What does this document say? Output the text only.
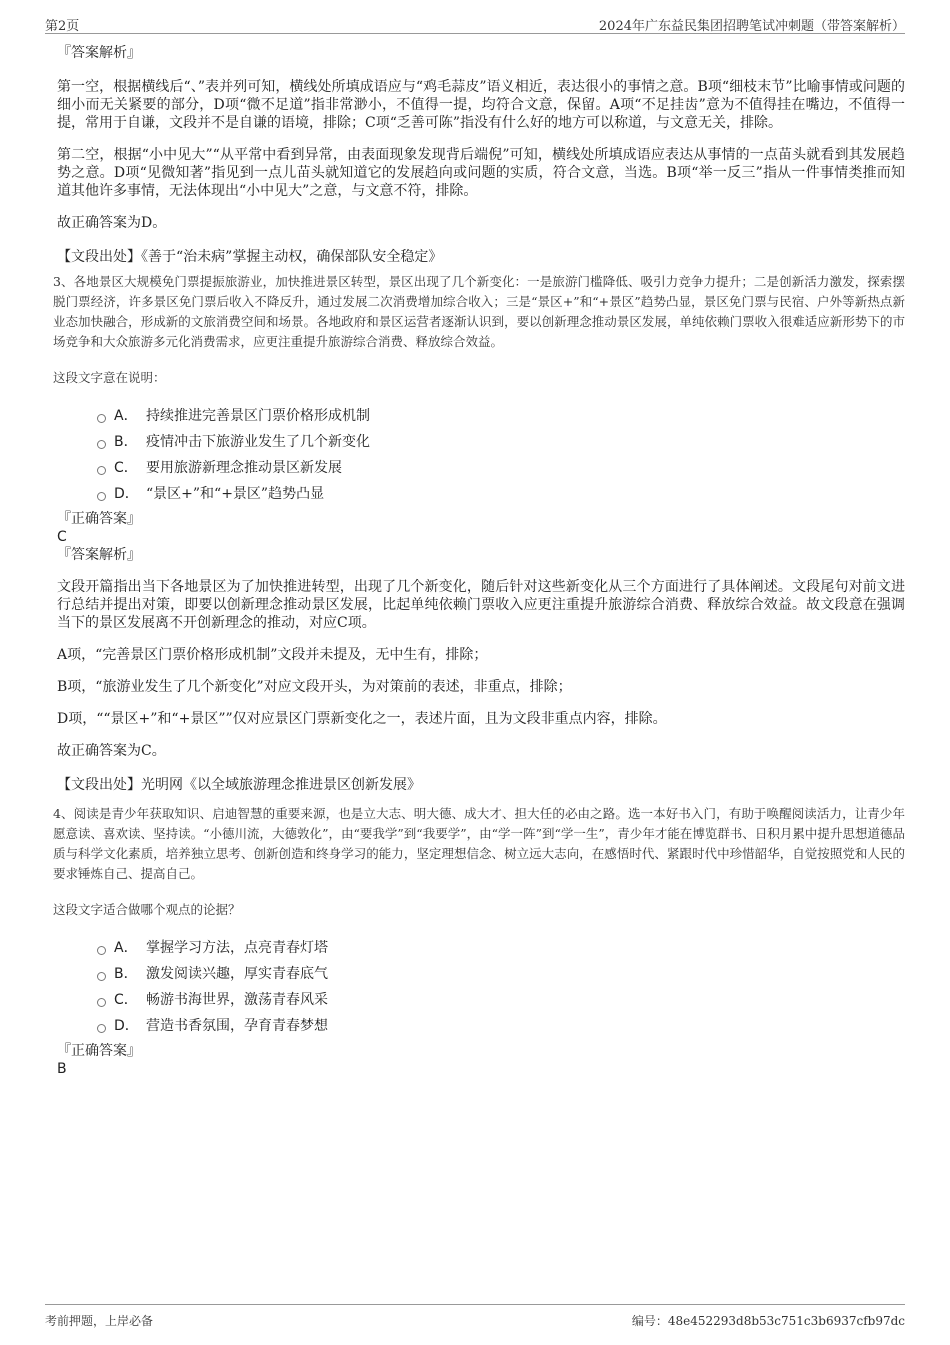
第2页	2024年广东益民集团招聘笔试冲刺题（带答案解析）
『答案解析』
第一空，根据横线后“、”表并列可知，横线处所填成语应与“鸡毛蒜皮”语义相近，表达很小的事情之意。B项“细枝末节”比喻事情或问题的细小而无关紧要的部分，D项“微不足道”指非常渺小，不值得一提，均符合文意，保留。A项“不足挂齿”意为不值得挂在嘴边，不值得一提，常用于自谦，文段并不是自谦的语境，排除；C项“乏善可陈”指没有什么好的地方可以称道，与文意无关，排除。
第二空，根据“小中见大”“从平常中看到异常，由表面现象发现背后端倪”可知，横线处所填成语应表达从事情的一点苗头就看到其发展趋势之意。D项“见微知著”指见到一点儿苗头就知道它的发展趋向或问题的实质，符合文意，当选。B项“举一反三”指从一件事情类推而知道其他许多事情，无法体现出“小中见大”之意，与文意不符，排除。
故正确答案为D。
【文段出处】《善于“治未病”掌握主动权，确保部队安全稳定》
3、各地景区大规模免门票提振旅游业，加快推进景区转型，景区出现了几个新变化：一是旅游门槛降低、吸引力竞争力提升；二是创新活力激发，探索摆脱门票经济，许多景区免门票后收入不降反升，通过发展二次消费增加综合收入；三是“景区+”和“+景区”趋势凸显，景区免门票与民宿、户外等新热点新业态加快融合，形成新的文旅消费空间和场景。各地政府和景区运营者逐渐认识到，要以创新理念推动景区发展，单纯依赖门票收入很难适应新形势下的市场竞争和大众旅游多元化消费需求，应更注重提升旅游综合消费、释放综合效益。
这段文字意在说明：
A． 持续推进完善景区门票价格形成机制
B． 疫情冲击下旅游业发生了几个新变化
C． 要用旅游新理念推动景区新发展
D． “景区+”和“+景区”趋势凸显
『正确答案』
C
『答案解析』
文段开篇指出当下各地景区为了加快推进转型，出现了几个新变化，随后针对这些新变化从三个方面进行了具体阐述。文段尾句对前文进行总结并提出对策，即要以创新理念推动景区发展，比起单纯依赖门票收入应更注重提升旅游综合消费、释放综合效益。故文段意在强调当下的景区发展离不开创新理念的推动，对应C项。
A项，“完善景区门票价格形成机制”文段并未提及，无中生有，排除；
B项，“旅游业发生了几个新变化”对应文段开头，为对策前的表述，非重点，排除；
D项，““景区+”和“+景区””仅对应景区门票新变化之一，表述片面，且为文段非重点内容，排除。
故正确答案为C。
【文段出处】光明网《以全域旅游理念推进景区创新发展》
4、阅读是青少年获取知识、启迪智慧的重要来源，也是立大志、明大德、成大才、担大任的必由之路。选一本好书入门，有助于唤醒阅读活力，让青少年愿意读、喜欢读、坚持读。“小德川流，大德敦化”，由“要我学”到“我要学”，由“学一阵”到“学一生”，青少年才能在博览群书、日积月累中提升思想道德品质与科学文化素质，培养独立思考、创新创造和终身学习的能力，坚定理想信念、树立远大志向，在感悟时代、紧跟时代中珍惜韶华，自觉按照党和人民的要求锤炼自己、提高自己。
这段文字适合做哪个观点的论据？
A． 掌握学习方法，点亮青春灯塔
B． 激发阅读兴趣，厚实青春底气
C． 畅游书海世界，激荡青春风采
D． 营造书香氛围，孕育青春梦想
『正确答案』
B
考前押题，上岸必备	编号：48e452293d8b53c751c3b6937cfb97dc
